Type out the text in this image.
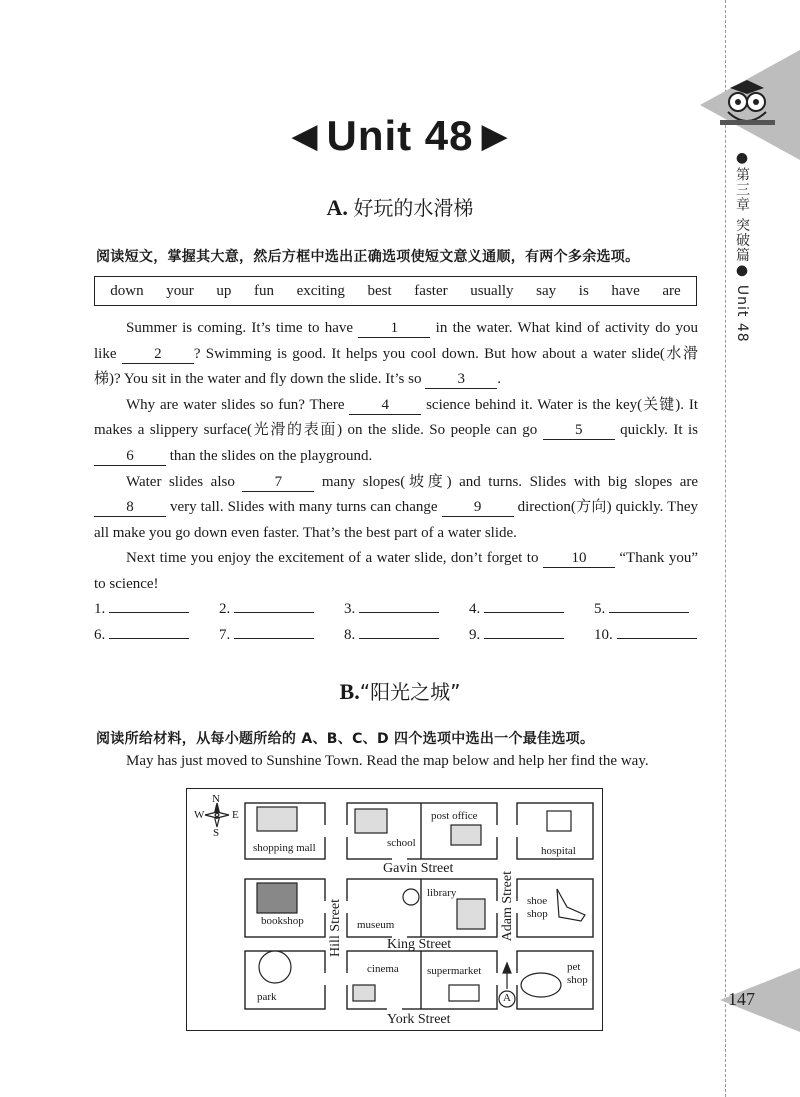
●第三章 突破篇● Unit 48
147
◀ Unit 48 ▶
A. 好玩的水滑梯
阅读短文，掌握其大意，然后方框中选出正确选项使短文意义通顺，有两个多余选项。
down your up fun exciting best faster usually say is have are

Summer is coming. It’s time to have 1 in the water. What kind of activity do you like 2 ? Swimming is good. It helps you cool down. But how about a water slide(水滑梯)? You sit in the water and fly down the slide. It’s so 3 .

Why are water slides so fun? There 4 science behind it. Water is the key(关键). It makes a slippery surface(光滑的表面) on the slide. So people can go 5 quickly. It is 6 than the slides on the playground.

Water slides also 7 many slopes(坡度) and turns. Slides with big slopes are 8 very tall. Slides with many turns can change 9 direction(方向) quickly. They all make you go down even faster. That’s the best part of a water slide.

Next time you enjoy the excitement of a water slide, don’t forget to 10 “Thank you” to science!

1.	2.	3.	4.	5.
6.	7.	8.	9.	10.
B.“阳光之城”
阅读所给材料，从每小题所给的 A、B、C、D 四个选项中选出一个最佳选项。
May has just moved to Sunshine Town. Read the map below and help her find the way.
N
S
W	E
shopping mall	school
post office
hospital
bookshop	museum
library
shoe
shop
park
cinema	supermarket	pet
shop
Gavin Street
King Street
York Street
Hill Street	Adam Street
A
